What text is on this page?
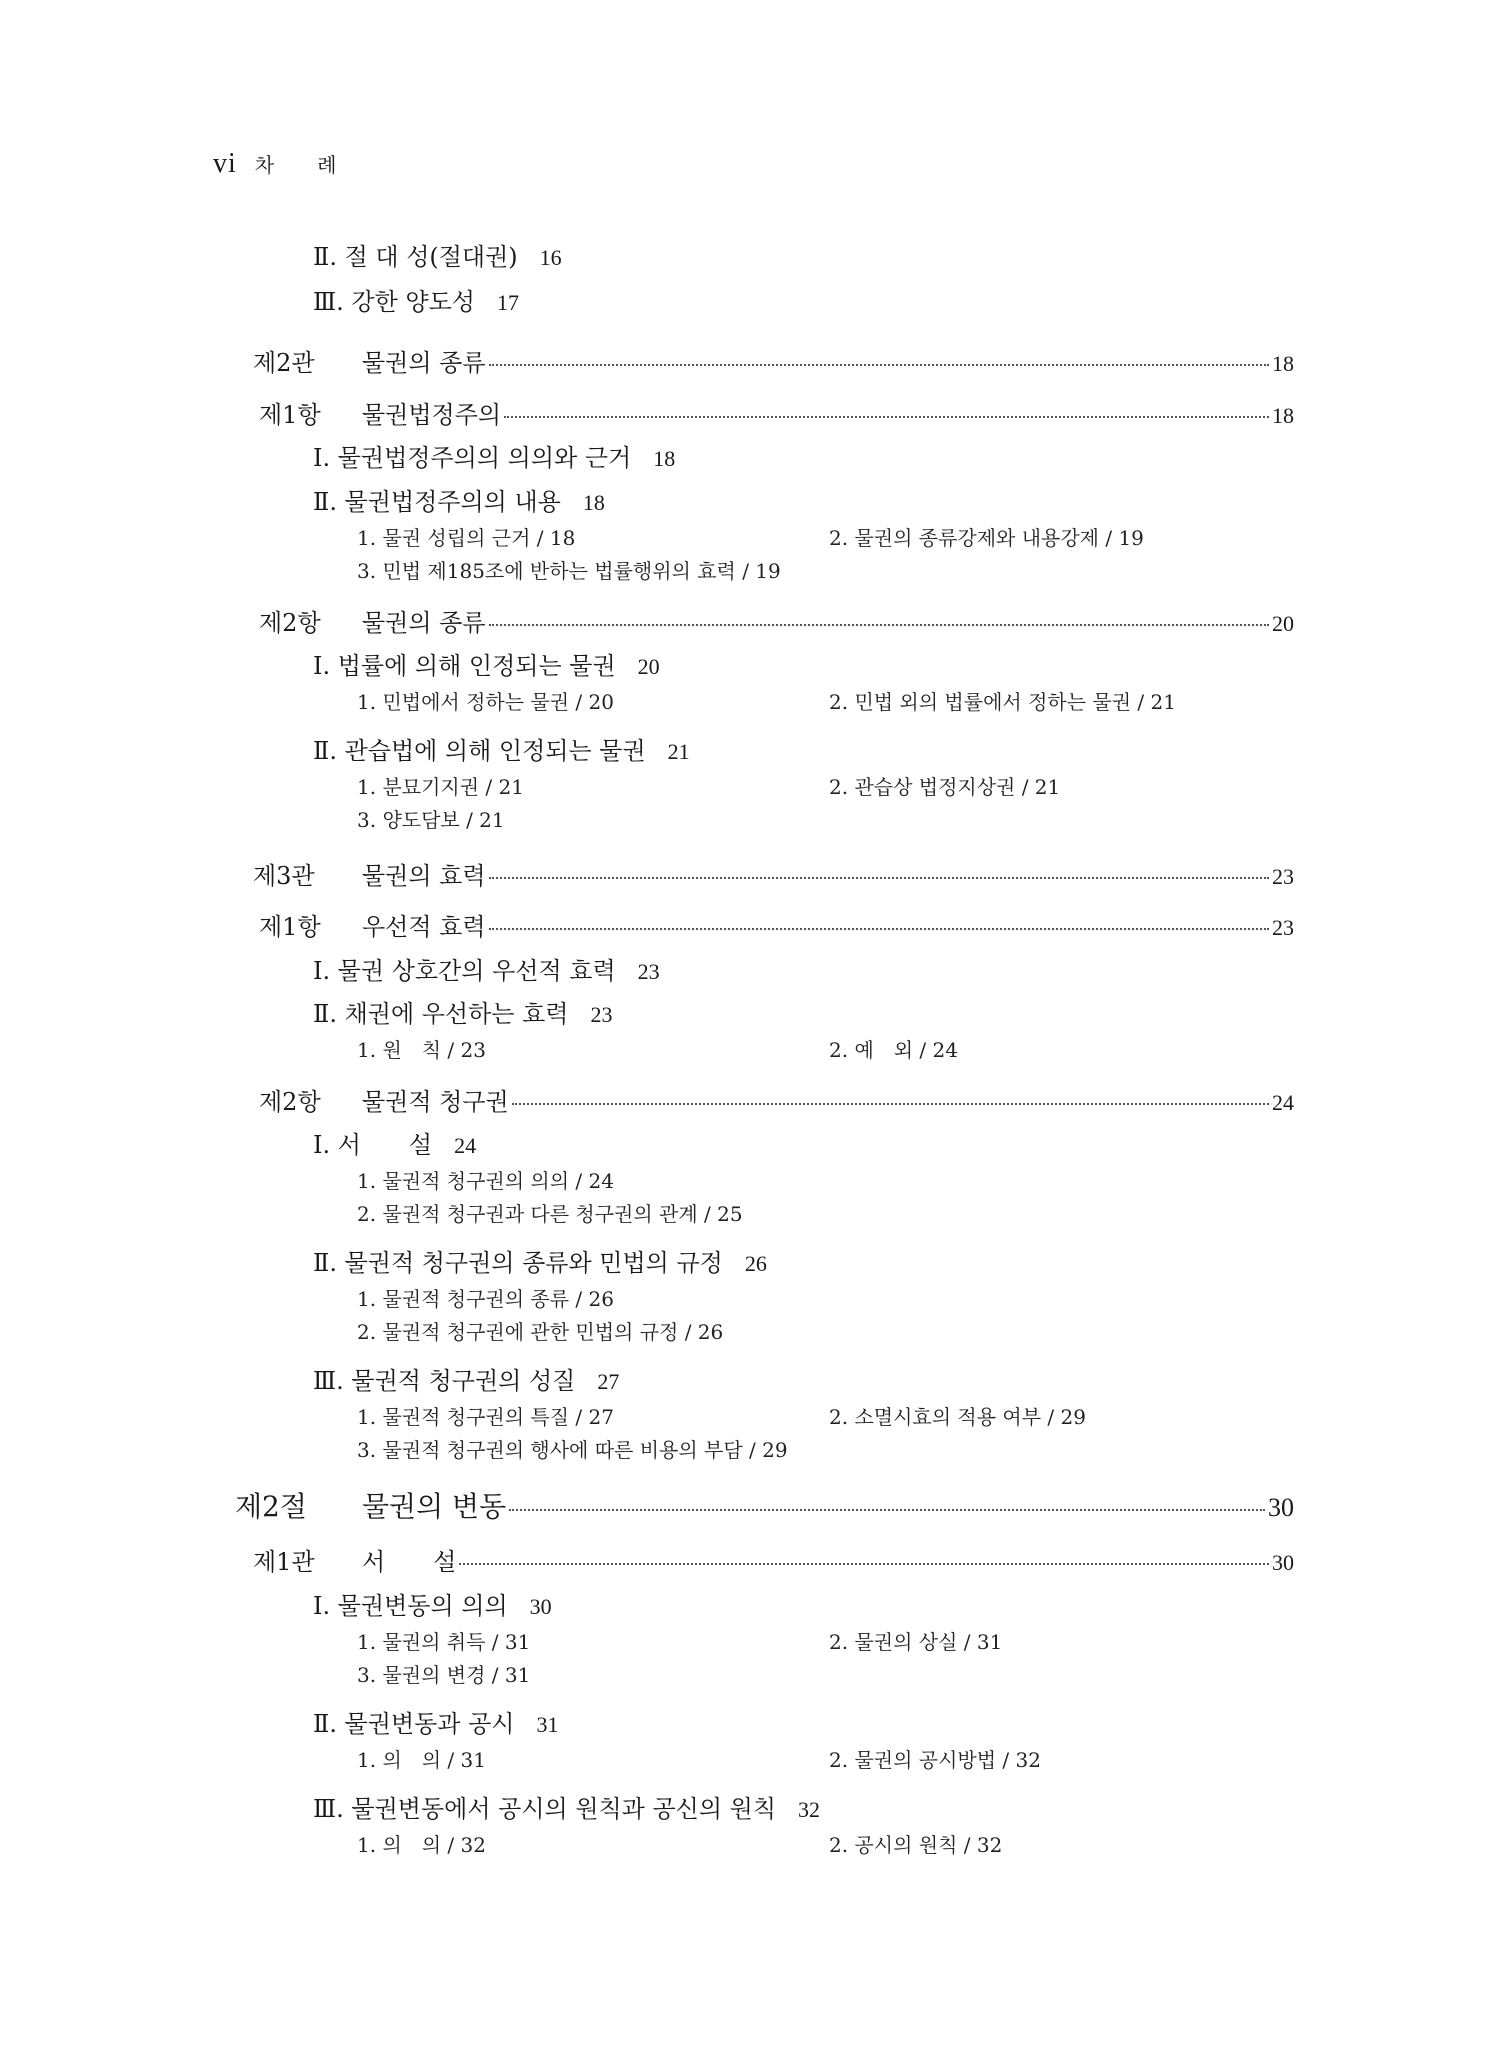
vi 차　　례
Ⅱ. 절 대 성(절대권) 16
Ⅲ. 강한 양도성 17
제2관 물권의 종류	18
제1항 물권법정주의	18
Ⅰ. 물권법정주의의 의의와 근거 18
Ⅱ. 물권법정주의의 내용 18
1. 물권 성립의 근거 / 18	2. 물권의 종류강제와 내용강제 / 19
3. 민법 제185조에 반하는 법률행위의 효력 / 19
제2항 물권의 종류	20
Ⅰ. 법률에 의해 인정되는 물권 20
1. 민법에서 정하는 물권 / 20	2. 민법 외의 법률에서 정하는 물권 / 21
Ⅱ. 관습법에 의해 인정되는 물권 21
1. 분묘기지권 / 21	2. 관습상 법정지상권 / 21
3. 양도담보 / 21
제3관 물권의 효력	23
제1항 우선적 효력	23
Ⅰ. 물권 상호간의 우선적 효력 23
Ⅱ. 채권에 우선하는 효력 23
1. 원　칙 / 23	2. 예　외 / 24
제2항 물권적 청구권	24
Ⅰ. 서　　설 24
1. 물권적 청구권의 의의 / 24
2. 물권적 청구권과 다른 청구권의 관계 / 25
Ⅱ. 물권적 청구권의 종류와 민법의 규정 26
1. 물권적 청구권의 종류 / 26
2. 물권적 청구권에 관한 민법의 규정 / 26
Ⅲ. 물권적 청구권의 성질 27
1. 물권적 청구권의 특질 / 27	2. 소멸시효의 적용 여부 / 29
3. 물권적 청구권의 행사에 따른 비용의 부담 / 29
제2절 물권의 변동	30
제1관 서　　설	30
Ⅰ. 물권변동의 의의 30
1. 물권의 취득 / 31	2. 물권의 상실 / 31
3. 물권의 변경 / 31
Ⅱ. 물권변동과 공시 31
1. 의　의 / 31	2. 물권의 공시방법 / 32
Ⅲ. 물권변동에서 공시의 원칙과 공신의 원칙 32
1. 의　의 / 32	2. 공시의 원칙 / 32
